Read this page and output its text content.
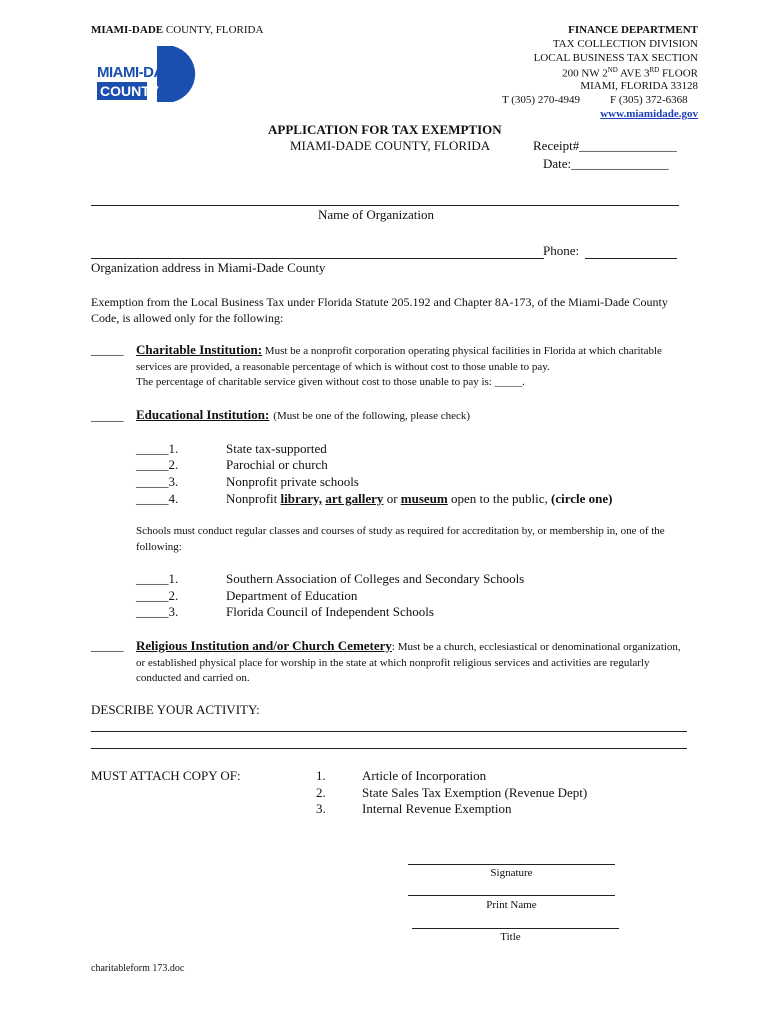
MIAMI-DADE COUNTY, FLORIDA
MIAMI-DADE
COUNTY
FINANCE DEPARTMENT
TAX COLLECTION DIVISION
LOCAL BUSINESS TAX SECTION
200 NW 2ND AVE 3RD FLOOR
MIAMI, FLORIDA 33128
T (305) 270-4949	F (305) 372-6368
www.miamidade.gov
APPLICATION FOR TAX EXEMPTION
MIAMI-DADE COUNTY, FLORIDA	Receipt#_______________
Date:_______________
Name of Organization
Phone:
Organization address in Miami-Dade County
Exemption from the Local Business Tax under Florida Statute 205.192 and Chapter 8A-173, of the Miami-Dade County Code, is allowed only for the following:
_____ Charitable Institution: Must be a nonprofit corporation operating physical facilities in Florida at which charitable services are provided, a reasonable percentage of which is without cost to those unable to pay.
The percentage of charitable service given without cost to those unable to pay is: _____.
_____ Educational Institution: (Must be one of the following, please check)
_____1.	State tax-supported
_____2.	Parochial or church
_____3.	Nonprofit private schools
_____4.	Nonprofit library, art gallery or museum open to the public, (circle one)
Schools must conduct regular classes and courses of study as required for accreditation by, or membership in, one of the following:
_____1.	Southern Association of Colleges and Secondary Schools
_____2.	Department of Education
_____3.	Florida Council of Independent Schools
_____ Religious Institution and/or Church Cemetery: Must be a church, ecclesiastical or denominational organization, or established physical place for worship in the state at which nonprofit religious services and activities are regularly conducted and carried on.
DESCRIBE YOUR ACTIVITY:
MUST ATTACH COPY OF:	1.	Article of Incorporation
2.	State Sales Tax Exemption (Revenue Dept)
3.	Internal Revenue Exemption
Signature
Print Name
Title
charitableform 173.doc
